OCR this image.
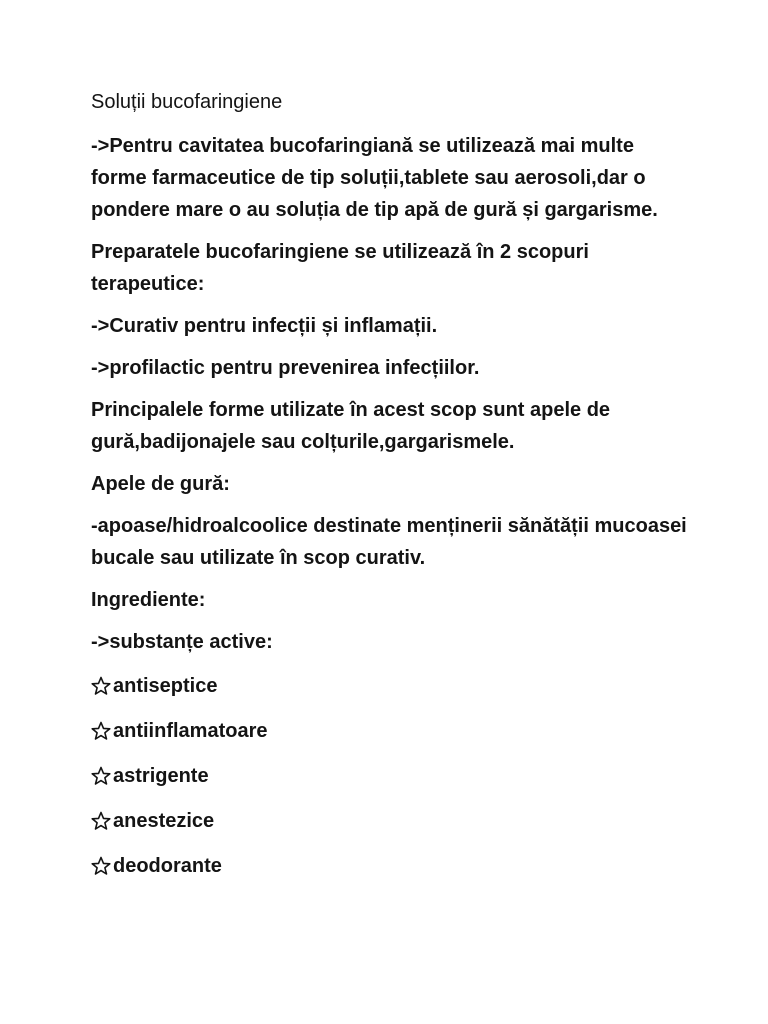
Soluții bucofaringiene

->Pentru cavitatea bucofaringiană se utilizează mai multe forme farmaceutice de tip soluții,tablete sau aerosoli,dar o pondere mare o au soluția de tip apă de gură și gargarisme.

Preparatele bucofaringiene se utilizează în 2 scopuri terapeutice:

->Curativ pentru infecții și inflamații.

->profilactic pentru prevenirea infecțiilor.

Principalele forme utilizate în acest scop sunt apele de gură,badijonajele sau colțurile,gargarismele.

Apele de gură:

-apoase/hidroalcoolice destinate menținerii sănătății mucoasei bucale sau utilizate în scop curativ.

Ingrediente:

->substanțe active:

antiseptice
antiinflamatoare
astrigente
anestezice
deodorante
